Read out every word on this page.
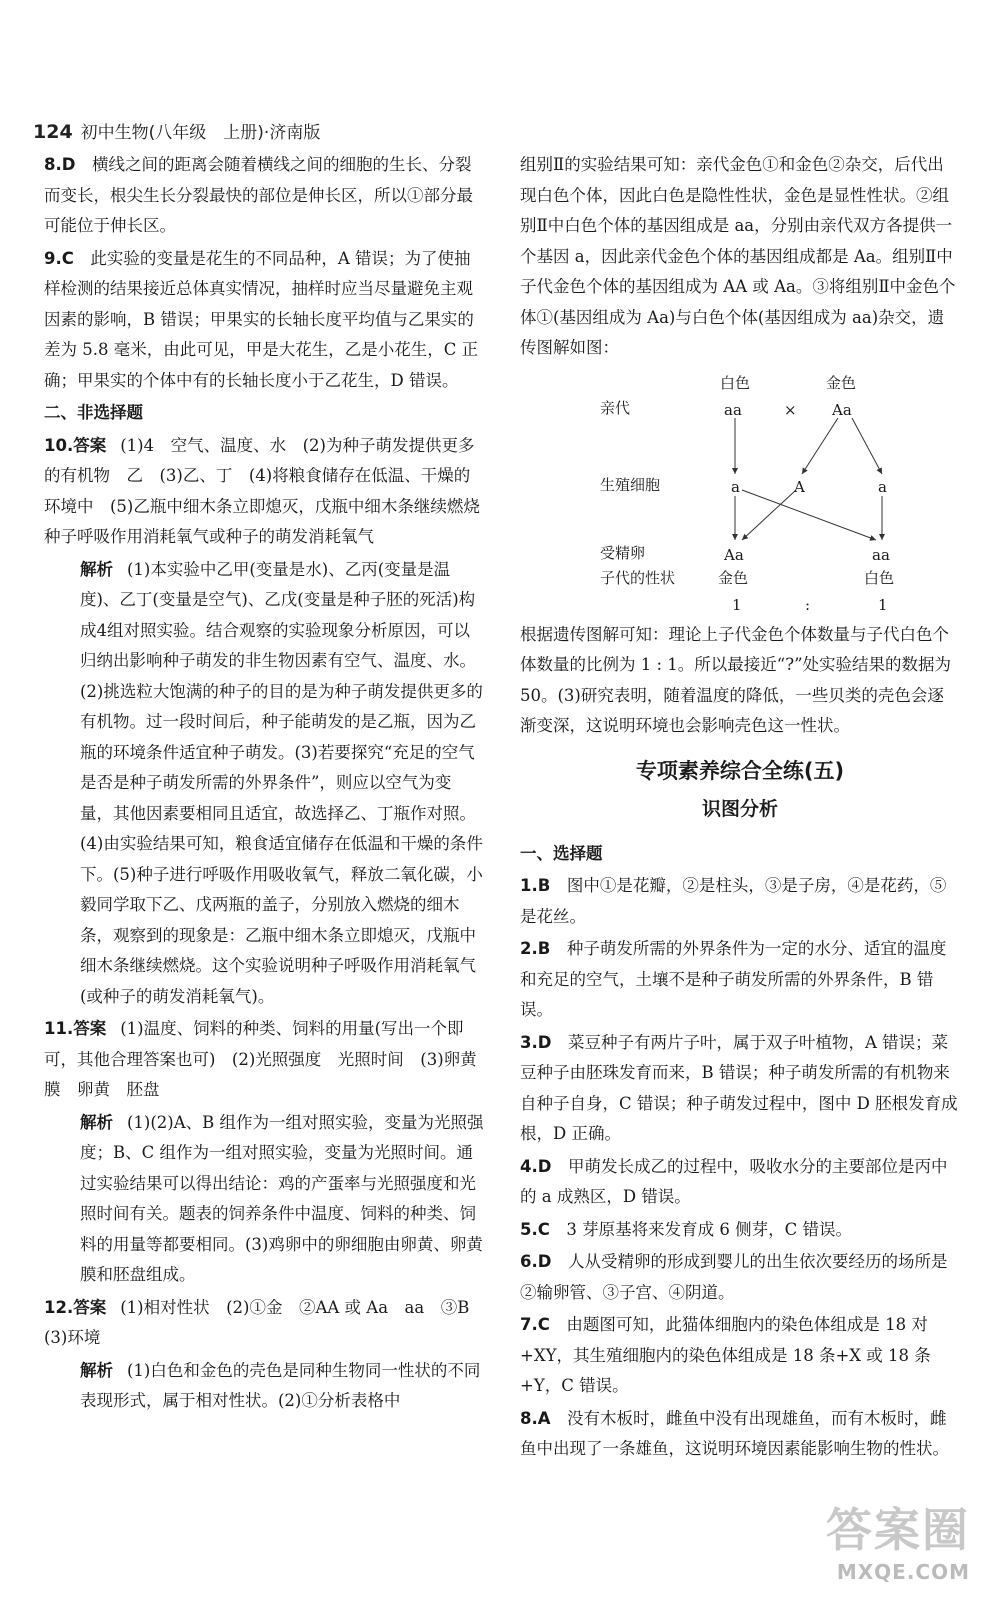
124 初中生物(八年级　上册)·济南版

8.D　横线之间的距离会随着横线之间的细胞的生长、分裂而变长，根尖生长分裂最快的部位是伸长区，所以①部分最可能位于伸长区。

9.C　此实验的变量是花生的不同品种，A 错误；为了使抽样检测的结果接近总体真实情况，抽样时应当尽量避免主观因素的影响，B 错误；甲果实的长轴长度平均值与乙果实的差为 5.8 毫米，由此可见，甲是大花生，乙是小花生，C 正确；甲果实的个体中有的长轴长度小于乙花生，D 错误。

二、非选择题

10.答案 (1)4　空气、温度、水　(2)为种子萌发提供更多的有机物　乙　(3)乙、丁　(4)将粮食储存在低温、干燥的环境中　(5)乙瓶中细木条立即熄灭，戊瓶中细木条继续燃烧　种子呼吸作用消耗氧气或种子的萌发消耗氧气

解析 (1)本实验中乙甲(变量是水)、乙丙(变量是温度)、乙丁(变量是空气)、乙戊(变量是种子胚的死活)构成4组对照实验。结合观察的实验现象分析原因，可以归纳出影响种子萌发的非生物因素有空气、温度、水。(2)挑选粒大饱满的种子的目的是为种子萌发提供更多的有机物。过一段时间后，种子能萌发的是乙瓶，因为乙瓶的环境条件适宜种子萌发。(3)若要探究“充足的空气是否是种子萌发所需的外界条件”，则应以空气为变量，其他因素要相同且适宜，故选择乙、丁瓶作对照。(4)由实验结果可知，粮食适宜储存在低温和干燥的条件下。(5)种子进行呼吸作用吸收氧气，释放二氧化碳，小毅同学取下乙、戊两瓶的盖子，分别放入燃烧的细木条，观察到的现象是：乙瓶中细木条立即熄灭，戊瓶中细木条继续燃烧。这个实验说明种子呼吸作用消耗氧气(或种子的萌发消耗氧气)。

11.答案 (1)温度、饲料的种类、饲料的用量(写出一个即可，其他合理答案也可)　(2)光照强度　光照时间　(3)卵黄膜　卵黄　胚盘

解析 (1)(2)A、B 组作为一组对照实验，变量为光照强度；B、C 组作为一组对照实验，变量为光照时间。通过实验结果可以得出结论：鸡的产蛋率与光照强度和光照时间有关。题表的饲养条件中温度、饲料的种类、饲料的用量等都要相同。(3)鸡卵中的卵细胞由卵黄、卵黄膜和胚盘组成。

12.答案 (1)相对性状　(2)①金　②AA 或 Aa　aa　③B　(3)环境

解析 (1)白色和金色的壳色是同种生物同一性状的不同表现形式，属于相对性状。(2)①分析表格中

组别Ⅱ的实验结果可知：亲代金色①和金色②杂交，后代出现白色个体，因此白色是隐性性状，金色是显性性状。②组别Ⅱ中白色个体的基因组成是 aa，分别由亲代双方各提供一个基因 a，因此亲代金色个体的基因组成都是 Aa。组别Ⅱ中子代金色个体的基因组成为 AA 或 Aa。③将组别Ⅱ中金色个体①(基因组成为 Aa)与白色个体(基因组成为 aa)杂交，遗传图解如图：

白色	金色
亲代	aa	× Aa
生殖细胞	a	A	a
受精卵	Aa	aa
子代的性状	金色	白色
1	:	1

根据遗传图解可知：理论上子代金色个体数量与子代白色个体数量的比例为 1 : 1。所以最接近“?”处实验结果的数据为 50。(3)研究表明，随着温度的降低，一些贝类的壳色会逐渐变深，这说明环境也会影响壳色这一性状。

专项素养综合全练(五)

识图分析

一、选择题

1.B　图中①是花瓣，②是柱头，③是子房，④是花药，⑤是花丝。

2.B　种子萌发所需的外界条件为一定的水分、适宜的温度和充足的空气，土壤不是种子萌发所需的外界条件，B 错误。

3.D　菜豆种子有两片子叶，属于双子叶植物，A 错误；菜豆种子由胚珠发育而来，B 错误；种子萌发所需的有机物来自种子自身，C 错误；种子萌发过程中，图中 D 胚根发育成根，D 正确。

4.D　甲萌发长成乙的过程中，吸收水分的主要部位是丙中的 a 成熟区，D 错误。

5.C　3 芽原基将来发育成 6 侧芽，C 错误。

6.D　人从受精卵的形成到婴儿的出生依次要经历的场所是②输卵管、③子宫、④阴道。

7.C　由题图可知，此猫体细胞内的染色体组成是 18 对+XY，其生殖细胞内的染色体组成是 18 条+X 或 18 条+Y，C 错误。

8.A　没有木板时，雌鱼中没有出现雄鱼，而有木板时，雌鱼中出现了一条雄鱼，这说明环境因素能影响生物的性状。

答案圈
MXQE.COM
